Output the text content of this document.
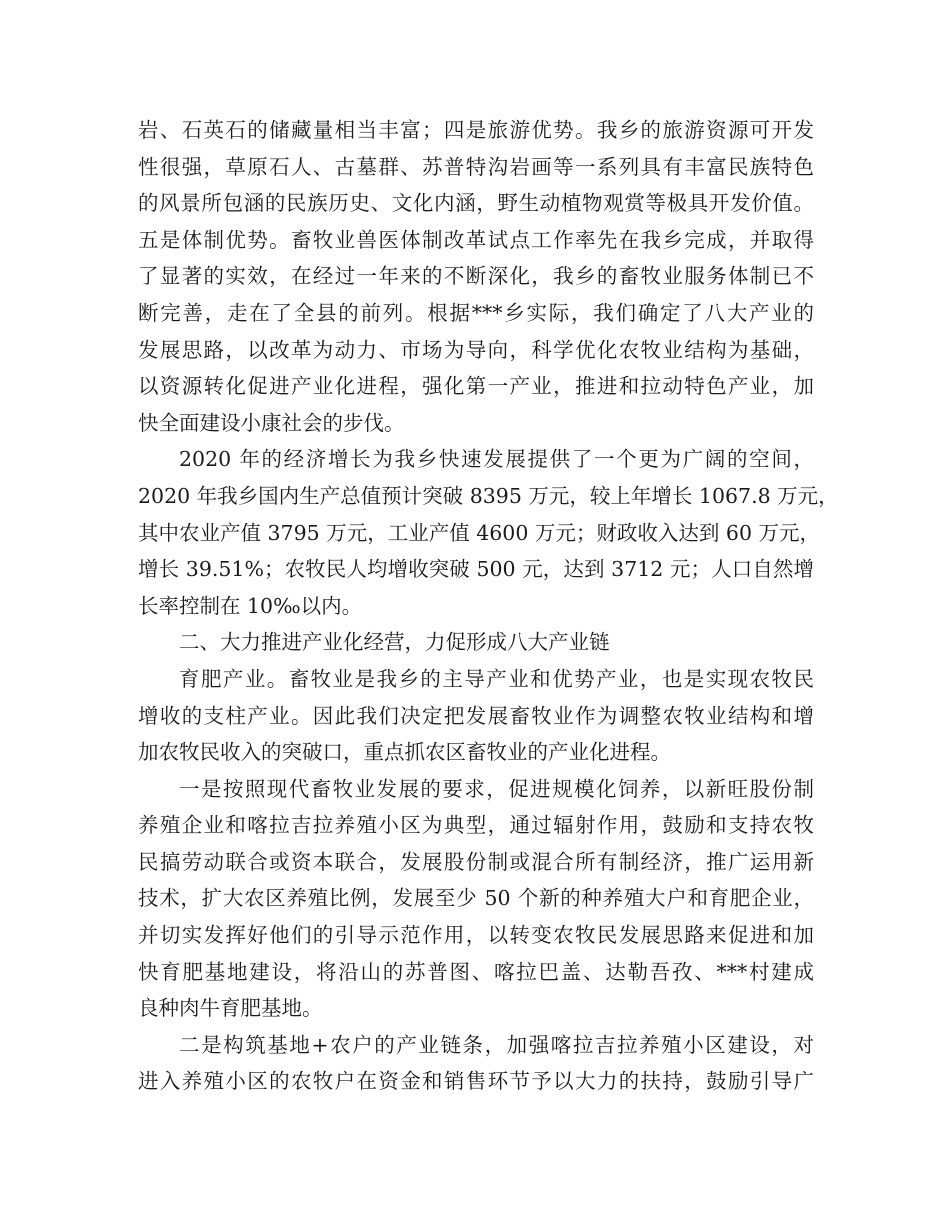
岩、石英石的储藏量相当丰富；四是旅游优势。我乡的旅游资源可开发
性很强，草原石人、古墓群、苏普特沟岩画等一系列具有丰富民族特色
的风景所包涵的民族历史、文化内涵，野生动植物观赏等极具开发价值。
五是体制优势。畜牧业兽医体制改革试点工作率先在我乡完成，并取得
了显著的实效，在经过一年来的不断深化，我乡的畜牧业服务体制已不
断完善，走在了全县的前列。根据***乡实际，我们确定了八大产业的
发展思路，以改革为动力、市场为导向，科学优化农牧业结构为基础，
以资源转化促进产业化进程，强化第一产业，推进和拉动特色产业，加
快全面建设小康社会的步伐。
2020 年的经济增长为我乡快速发展提供了一个更为广阔的空间，
2020 年我乡国内生产总值预计突破 8395 万元，较上年增长 1067.8 万元，
其中农业产值 3795 万元，工业产值 4600 万元；财政收入达到 60 万元，
增长 39.51%；农牧民人均增收突破 500 元，达到 3712 元；人口自然增
长率控制在 10‰以内。
二、大力推进产业化经营，力促形成八大产业链
育肥产业。畜牧业是我乡的主导产业和优势产业，也是实现农牧民
增收的支柱产业。因此我们决定把发展畜牧业作为调整农牧业结构和增
加农牧民收入的突破口，重点抓农区畜牧业的产业化进程。
一是按照现代畜牧业发展的要求，促进规模化饲养，以新旺股份制
养殖企业和喀拉吉拉养殖小区为典型，通过辐射作用，鼓励和支持农牧
民搞劳动联合或资本联合，发展股份制或混合所有制经济，推广运用新
技术，扩大农区养殖比例，发展至少 50 个新的种养殖大户和育肥企业，
并切实发挥好他们的引导示范作用，以转变农牧民发展思路来促进和加
快育肥基地建设，将沿山的苏普图、喀拉巴盖、达勒吾孜、***村建成
良种肉牛育肥基地。
二是构筑基地+农户的产业链条，加强喀拉吉拉养殖小区建设，对
进入养殖小区的农牧户在资金和销售环节予以大力的扶持，鼓励引导广
